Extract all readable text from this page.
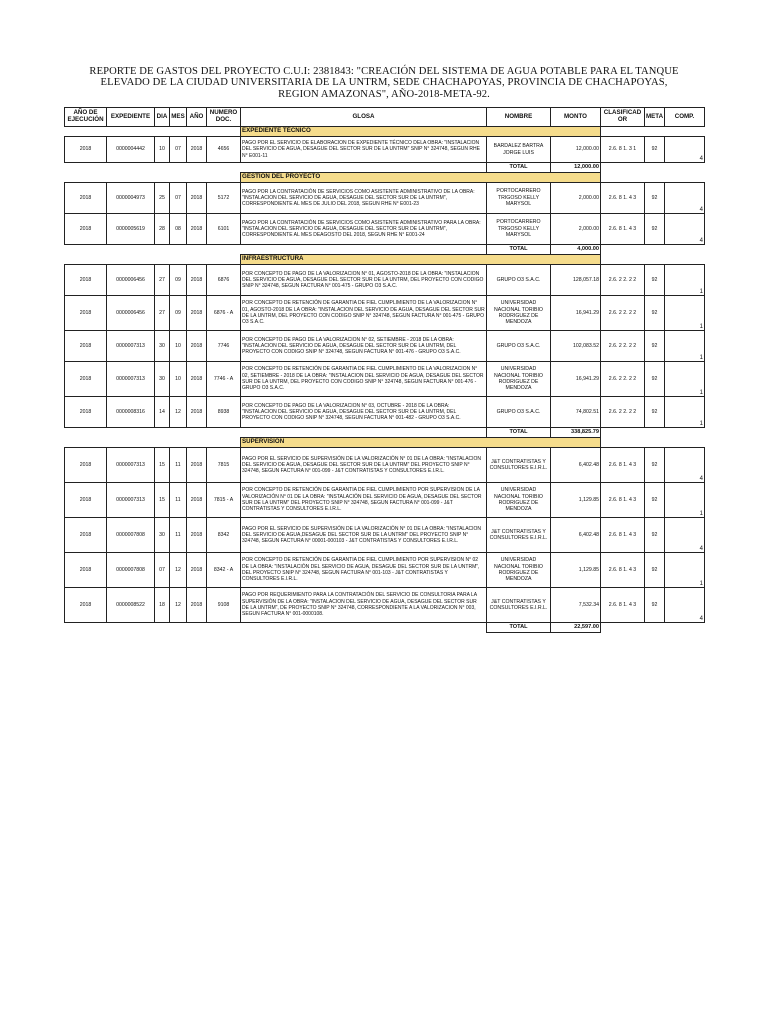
REPORTE DE GASTOS DEL PROYECTO C.U.I: 2381843: "CREACIÓN DEL SISTEMA DE AGUA POTABLE PARA EL TANQUE
ELEVADO DE LA CIUDAD UNIVERSITARIA DE LA UNTRM, SEDE CHACHAPOYAS, PROVINCIA DE CHACHAPOYAS,
REGION AMAZONAS", AÑO-2018-META-92.
AÑO DE EJECUCIÓN	EXPEDIENTE	DIA	MES	AÑO	NUMERO DOC.	GLOSA	NOMBRE	MONTO	CLASIFICAD OR	META	COMP.
						EXPEDIENTE TÉCNICO					
2018	0000004442	10	07	2018	4656	PAGO POR EL SERVICIO DE ELABORACION DE EXPEDIENTE TÉCNICO DELA OBRA: "INSTALACION DEL SERVICIO DE AGUA, DESAGUE DEL SECTOR SUR DE LA UNTRM" SNIP N° 324748, SEGUN RHE N° E001-11	BARDALEZ BARTRA JORGE LUIS	12,000.00	2.6. 8 1. 3 1	92	4

							TOTAL	12,000.00			
						GESTIÓN DEL PROYECTO					
2018	0000004973	25	07	2018	5172	PAGO POR LA CONTRATACIÓN DE SERVICIOS COMO ASISTENTE ADMINISTRATIVO DE LA OBRA: "INSTALACION DEL SERVICIO DE AGUA, DESAGUE DEL SECTOR SUR DE LA UNTRM", CORRESPONDIENTE AL MES DE JULIO DEL 2018, SEGUN RHE N° E001-23	PORTOCARRERO TRIGOSO KELLY MARYSOL	2,000.00	2.6. 8 1. 4 3	92	4

2018	0000005619	28	08	2018	6101	PAGO POR LA CONTRATACIÓN DE SERVICIOS COMO ASISTENTE ADMINISTRATIVO PARA LA OBRA: "INSTALACION DEL SERVICIO DE AGUA, DESAGUE DEL SECTOR SUR DE LA UNTRM", CORRESPONDIENTE AL MES DEAGOSTO DEL 2018, SEGUN RHE N° E001-24	PORTOCARRERO TRIGOSO KELLY MARYSOL	2,000.00	2.6. 8 1. 4 3	92	4

							TOTAL	4,000.00			
						INFRAESTRUCTURA					
2018	0000006456	27	09	2018	6876	POR CONCEPTO DE PAGO DE LA VALORIZACION N° 01, AGOSTO-2018 DE LA OBRA: "INSTALACION DEL SERVICIO DE AGUA, DESAGUE DEL SECTOR SUR DE LA UNTRM, DEL PROYECTO CON CODIGO SNIP N° 324748, SEGUN FACTURA N° 001-475 - GRUPO O3 S.A.C.	GRUPO O3 S.A.C.	128,057.18	2.6. 2 2. 2 2	92	1

2018	0000006456	27	09	2018	6876 - A	POR CONCEPTO DE RETENCIÓN DE GARANTIA DE FIEL CUMPLIMIENTO DE LA VALORIZACION N° 01, AGOSTO-2018 DE LA OBRA: "INSTALACION DEL SERVICIO DE AGUA, DESAGUE DEL SECTOR SUR DE LA UNTRM, DEL PROYECTO CON CODIGO SNIP N° 324748, SEGUN FACTURA N° 001-475 - GRUPO O3 S.A.C.	UNIVERSIDAD NACIONAL TORIBIO RODRIGUEZ DE MENDOZA	16,941.29	2.6. 2 2. 2 2	92	1

2018	0000007313	30	10	2018	7746	POR CONCEPTO DE PAGO DE LA VALORIZACION N° 02, SETIEMBRE - 2018 DE LA OBRA: "INSTALACION DEL SERVICIO DE AGUA, DESAGUE DEL SECTOR SUR DE LA UNTRM, DEL PROYECTO CON CODIGO SNIP N° 324748, SEGUN FACTURA N° 001-476 - GRUPO O3 S.A.C.	GRUPO O3 S.A.C.	102,083.52	2.6. 2 2. 2 2	92	1

2018	0000007313	30	10	2018	7746 - A	POR CONCEPTO DE RETENCIÓN DE GARANTIA DE FIEL CUMPLIMIENTO DE LA VALORIZACION N° 02, SETIEMBRE - 2018 DE LA OBRA: "INSTALACION DEL SERVICIO DE AGUA, DESAGUE DEL SECTOR SUR DE LA UNTRM, DEL PROYECTO CON CODIGO SNIP N° 324748, SEGUN FACTURA N° 001-476 - GRUPO O3 S.A.C.	UNIVERSIDAD NACIONAL TORIBIO RODRIGUEZ DE MENDOZA	16,941.29	2.6. 2 2. 2 2	92	1

2018	0000008316	14	12	2018	8938	POR CONCEPTO DE PAGO DE LA VALORIZACION N° 03, OCTUBRE - 2018 DE LA OBRA: "INSTALACION DEL SERVICIO DE AGUA, DESAGUE DEL SECTOR SUR DE LA UNTRM, DEL PROYECTO CON CODIGO SNIP N° 324748, SEGUN FACTURA N° 001-482 - GRUPO O3 S.A.C.	GRUPO O3 S.A.C.	74,802.51	2.6. 2 2. 2 2	92	1

							TOTAL	338,825.79			
						SUPERVISIÓN					
2018	0000007313	15	11	2018	7815	PAGO POR EL SERVICIO DE SUPERVISIÓN DE LA VALORIZACIÓN N° 01 DE LA OBRA: "INSTALACION DEL SERVICIO DE AGUA, DESAGUE DEL SECTOR SUR DE LA UNTRM" DEL PROYECTO SNIP N° 324748, SEGUN FACTURA N° 001-099 - J&T CONTRATISTAS Y CONSULTORES E.I.R.L.	J&T CONTRATISTAS Y CONSULTORES E.I.R.L.	6,402.48	2.6. 8 1. 4 3	92	4

2018	0000007313	15	11	2018	7815 - A	POR CONCEPTO DE RETENCIÓN DE GARANTIA DE FIEL CUMPLIMIENTO POR SUPERVISION DE LA VALORIZACIÓN N° 01 DE LA OBRA: "INSTALACIÓN DEL SERVICIO DE AGUA, DESAGUE DEL SECTOR SUR DE LA UNTRM" DEL PROYECTO SNIP N° 324748, SEGUN FACTURA N° 001-099 - J&T CONTRATISTAS Y CONSULTORES E.I.R.L.	UNIVERSIDAD NACIONAL TORIBIO RODRIGUEZ DE MENDOZA	1,129.85	2.6. 8 1. 4 3	92	1

2018	0000007808	30	11	2018	8342	PAGO POR EL SERVICIO DE SUPERVISIÓN DE LA VALORIZACIÓN N° 01 DE LA OBRA: "INSTALACION DEL SERVICIO DE AGUA,DESAGUE DEL SECTOR SUR DE LA UNTRM" DEL PROYECTO SNIP N° 324748, SEGUN FACTURA N° 00001-000103 - J&T CONTRATISTAS Y CONSULTORES E.I.R.L.	J&T CONTRATISTAS Y CONSULTORES E.I.R.L.	6,402.48	2.6. 8 1. 4 3	92	4

2018	0000007808	07	12	2018	8342 - A	POR CONCEPTO DE RETENCIÓN DE GARANTIA DE FIEL CUMPLIMIENTO POR SUPERVISION N° 02 DE LA OBRA: "INSTALACIÓN DEL SERVICIO DE AGUA, DESAGUE DEL SECTOR SUR DE LA UNTRM", DEL PROYECTO SNIP N° 324748, SEGUN FACTURA N° 001-103 - J&T CONTRATISTAS Y CONSULTORES E.I.R.L.	UNIVERSIDAD NACIONAL TORIBIO RODRIGUEZ DE MENDOZA	1,129.85	2.6. 8 1. 4 3	92	1

2018	0000008522	18	12	2018	9108	PAGO POR REQUERIMIENTO PARA LA CONTRATACIÓN DEL SERVICIO DE CONSULTORIA PARA LA SUPERVISIÓN DE LA OBRA: "INSTALACION DEL SERVICIO DE AGUA, DESAGUE DEL SECTOR SUR DE LA UNTRM", DE PROYECTO SNIP N° 324748, CORRESPONDIENTE A LA VALORIZACION N° 003, SEGUN FACTURA N° 001-0000108.	J&T CONTRATISTAS Y CONSULTORES E.I.R.L.	7,532.34	2.6. 8 1. 4 3	92	4

							TOTAL	22,597.00			
